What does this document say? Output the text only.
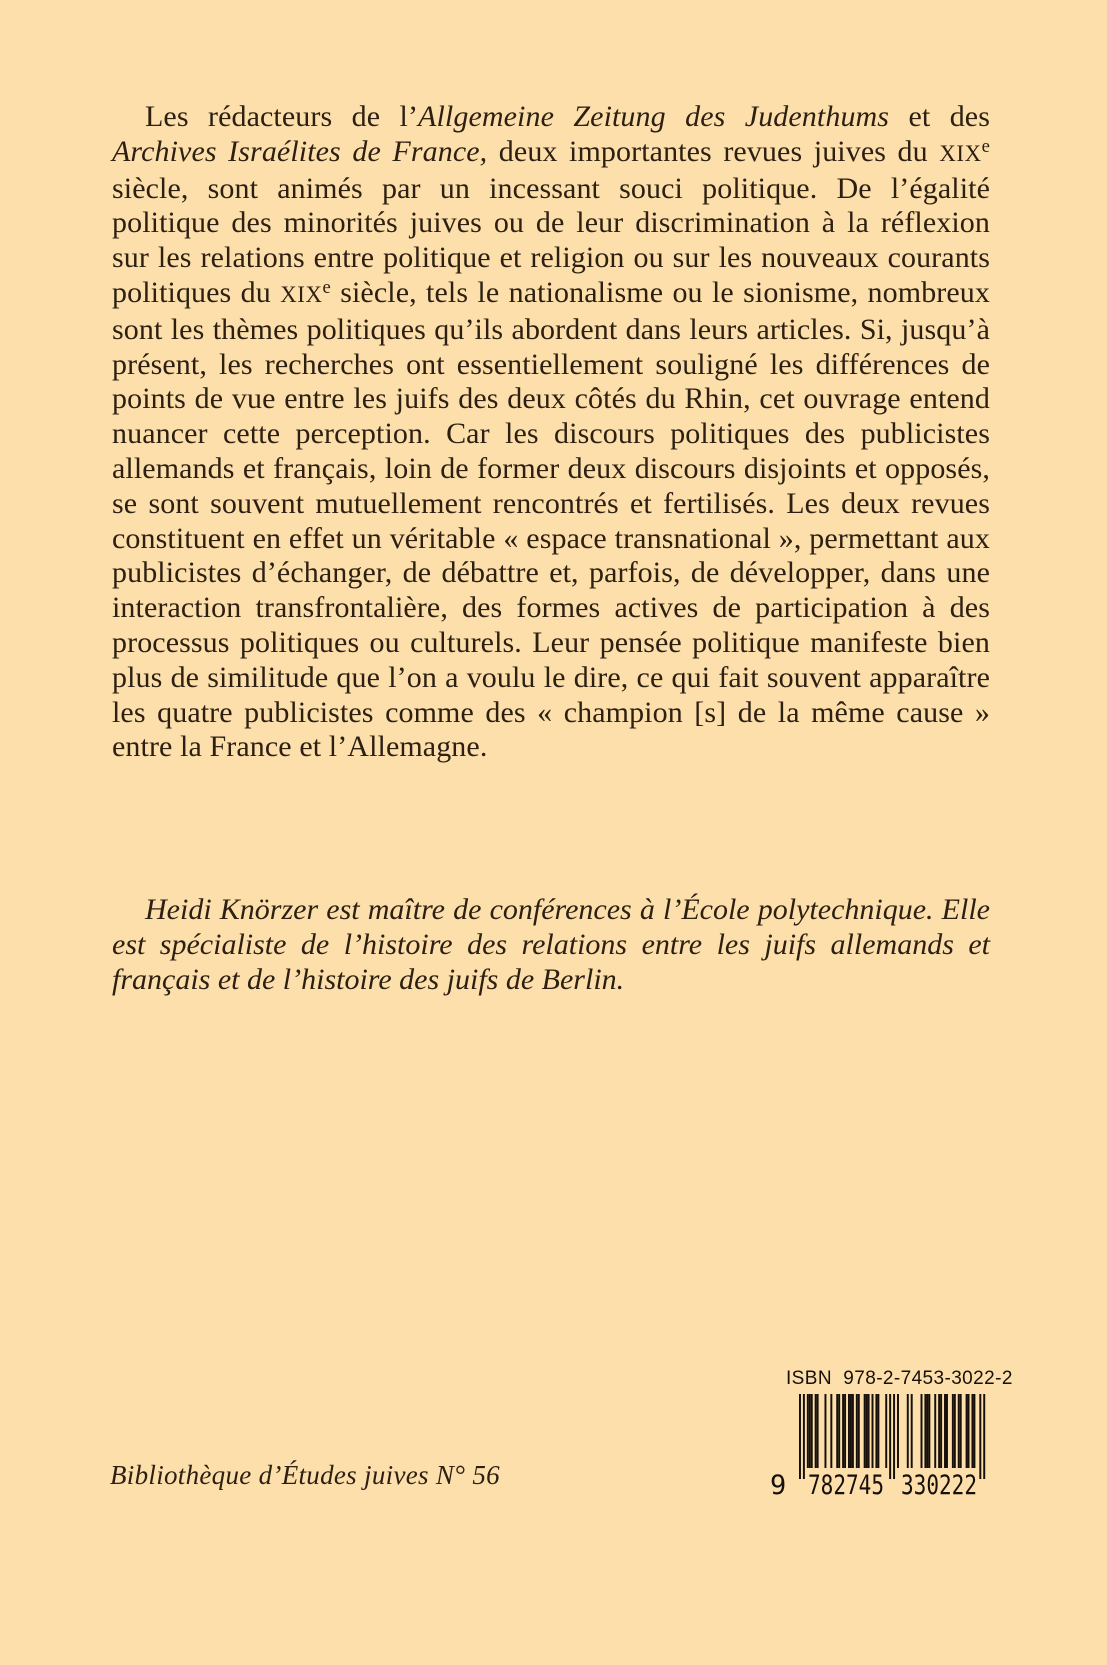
Les rédacteurs de l’Allgemeine Zeitung des Judenthums et des Archives Israélites de France, deux importantes revues juives du XIXe siècle, sont animés par un incessant souci politique. De l’égalité politique des minorités juives ou de leur discrimination à la réflexion sur les relations entre politique et religion ou sur les nouveaux courants politiques du XIXe siècle, tels le nationalisme ou le sionisme, nombreux sont les thèmes politiques qu’ils abordent dans leurs articles. Si, jusqu’à présent, les recherches ont essentiellement souligné les différences de points de vue entre les juifs des deux côtés du Rhin, cet ouvrage entend nuancer cette perception. Car les discours politiques des publicistes allemands et français, loin de former deux discours disjoints et opposés, se sont souvent mutuellement rencontrés et fertilisés. Les deux revues constituent en effet un véritable « espace transnational », permettant aux publicistes d’échanger, de débattre et, parfois, de développer, dans une interaction transfrontalière, des formes actives de participation à des processus politiques ou culturels. Leur pensée politique manifeste bien plus de similitude que l’on a voulu le dire, ce qui fait souvent apparaître les quatre publicistes comme des « champion [s] de la même cause » entre la France et l’Allemagne.

Heidi Knörzer est maître de conférences à l’École polytechnique. Elle est spécialiste de l’histoire des relations entre les juifs allemands et français et de l’histoire des juifs de Berlin.

Bibliothèque d’Études juives N° 56
ISBN  978-2-7453-3022-2
9 782745 330222
